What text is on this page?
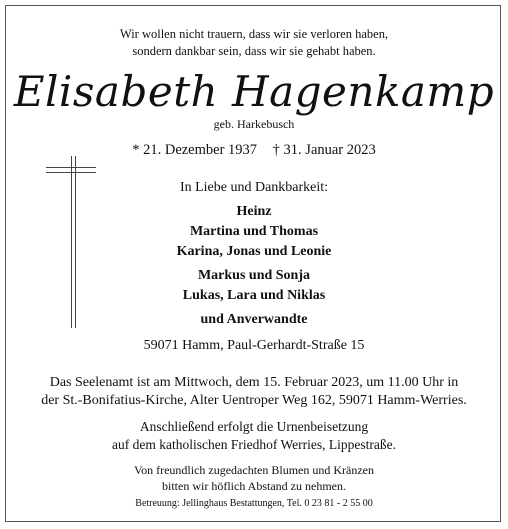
Wir wollen nicht trauern, dass wir sie verloren haben,
sondern dankbar sein, dass wir sie gehabt haben.
Elisabeth Hagenkamp
geb. Harkebusch
* 21. Dezember 1937 † 31. Januar 2023
In Liebe und Dankbarkeit:
Heinz
Martina und Thomas
Karina, Jonas und Leonie
Markus und Sonja
Lukas, Lara und Niklas
und Anverwandte
59071 Hamm, Paul-Gerhardt-Straße 15
Das Seelenamt ist am Mittwoch, dem 15. Februar 2023, um 11.00 Uhr in
der St.-Bonifatius-Kirche, Alter Uentroper Weg 162, 59071 Hamm-Werries.
Anschließend erfolgt die Urnenbeisetzung
auf dem katholischen Friedhof Werries, Lippestraße.
Von freundlich zugedachten Blumen und Kränzen
bitten wir höflich Abstand zu nehmen.
Betreuung: Jellinghaus Bestattungen, Tel. 0 23 81 - 2 55 00
